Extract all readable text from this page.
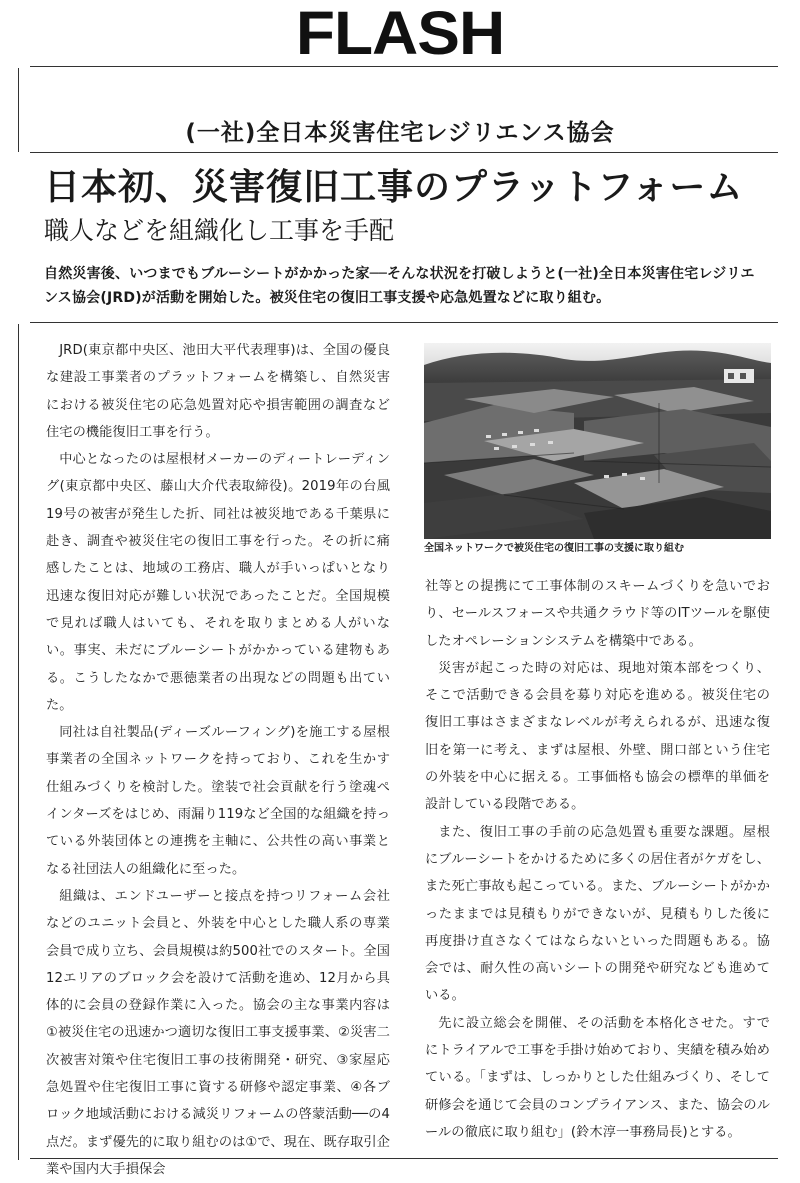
FLASH
(一社)全日本災害住宅レジリエンス協会
日本初、災害復旧工事のプラットフォーム
職人などを組織化し工事を手配
自然災害後、いつまでもブルーシートがかかった家──そんな状況を打破しようと(一社)全日本災害住宅レジリエンス協会(JRD)が活動を開始した。被災住宅の復旧工事支援や応急処置などに取り組む。

JRD(東京都中央区、池田大平代表理事)は、全国の優良な建設工事業者のプラットフォームを構築し、自然災害における被災住宅の応急処置対応や損害範囲の調査など住宅の機能復旧工事を行う。

中心となったのは屋根材メーカーのディートレーディング(東京都中央区、藤山大介代表取締役)。2019年の台風19号の被害が発生した折、同社は被災地である千葉県に赴き、調査や被災住宅の復旧工事を行った。その折に痛感したことは、地域の工務店、職人が手いっぱいとなり迅速な復旧対応が難しい状況であったことだ。全国規模で見れば職人はいても、それを取りまとめる人がいない。事実、未だにブルーシートがかかっている建物もある。こうしたなかで悪徳業者の出現などの問題も出ていた。

同社は自社製品(ディーズルーフィング)を施工する屋根事業者の全国ネットワークを持っており、これを生かす仕組みづくりを検討した。塗装で社会貢献を行う塗魂ペインターズをはじめ、雨漏り119など全国的な組織を持っている外装団体との連携を主軸に、公共性の高い事業となる社団法人の組織化に至った。

組織は、エンドユーザーと接点を持つリフォーム会社などのユニット会員と、外装を中心とした職人系の専業会員で成り立ち、会員規模は約500社でのスタート。全国12エリアのブロック会を設けて活動を進め、12月から具体的に会員の登録作業に入った。協会の主な事業内容は①被災住宅の迅速かつ適切な復旧工事支援事業、②災害二次被害対策や住宅復旧工事の技術開発・研究、③家屋応急処置や住宅復旧工事に資する研修や認定事業、④各ブロック地域活動における減災リフォームの啓蒙活動──の4点だ。まず優先的に取り組むのは①で、現在、既存取引企業や国内大手損保会

全国ネットワークで被災住宅の復旧工事の支援に取り組む

社等との提携にて工事体制のスキームづくりを急いでおり、セールスフォースや共通クラウド等のITツールを駆使したオペレーションシステムを構築中である。

災害が起こった時の対応は、現地対策本部をつくり、そこで活動できる会員を募り対応を進める。被災住宅の復旧工事はさまざまなレベルが考えられるが、迅速な復旧を第一に考え、まずは屋根、外壁、開口部という住宅の外装を中心に据える。工事価格も協会の標準的単価を設計している段階である。

また、復旧工事の手前の応急処置も重要な課題。屋根にブルーシートをかけるために多くの居住者がケガをし、また死亡事故も起こっている。また、ブルーシートがかかったままでは見積もりができないが、見積もりした後に再度掛け直さなくてはならないといった問題もある。協会では、耐久性の高いシートの開発や研究なども進めている。

先に設立総会を開催、その活動を本格化させた。すでにトライアルで工事を手掛け始めており、実績を積み始めている。「まずは、しっかりとした仕組みづくり、そして研修会を通じて会員のコンプライアンス、また、協会のルールの徹底に取り組む」(鈴木淳一事務局長)とする。
